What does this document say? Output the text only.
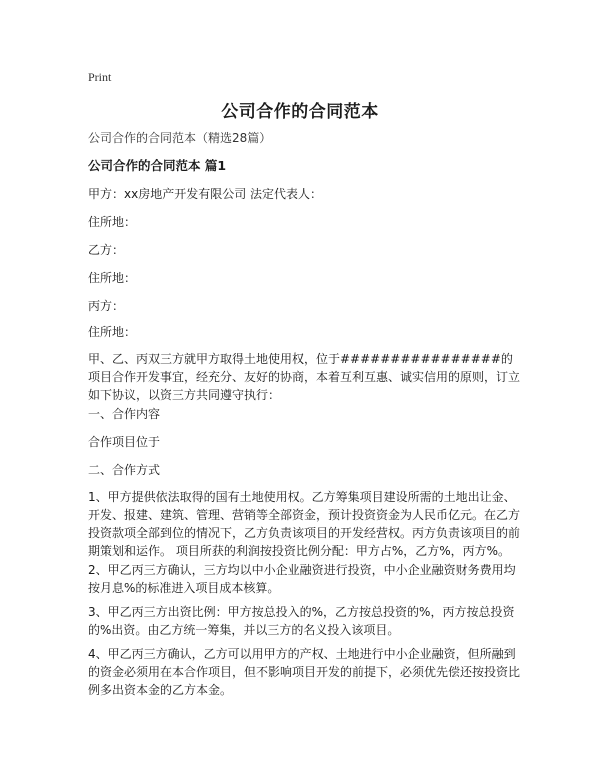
Print
公司合作的合同范本
公司合作的合同范本（精选28篇）
公司合作的合同范本 篇1
甲方：xx房地产开发有限公司 法定代表人：
住所地：
乙方：
住所地：
丙方：
住所地：
甲、乙、丙双三方就甲方取得土地使用权，位于################的项目合作开发事宜，经充分、友好的协商，本着互利互惠、诚实信用的原则，订立如下协议，以资三方共同遵守执行：
一、合作内容
合作项目位于
二、合作方式
1、甲方提供依法取得的国有土地使用权。乙方筹集项目建设所需的土地出让金、开发、报建、建筑、管理、营销等全部资金，预计投资资金为人民币亿元。在乙方投资款项全部到位的情况下，乙方负责该项目的开发经营权。丙方负责该项目的前期策划和运作。 项目所获的利润按投资比例分配：甲方占%，乙方%，丙方%。
2、甲乙丙三方确认，三方均以中小企业融资进行投资，中小企业融资财务费用均按月息%的标准进入项目成本核算。
3、甲乙丙三方出资比例：甲方按总投入的%，乙方按总投资的%，丙方按总投资的%出资。由乙方统一筹集，并以三方的名义投入该项目。
4、甲乙丙三方确认，乙方可以用甲方的产权、土地进行中小企业融资，但所融到的资金必须用在本合作项目，但不影响项目开发的前提下，必须优先偿还按投资比例多出资本金的乙方本金。
